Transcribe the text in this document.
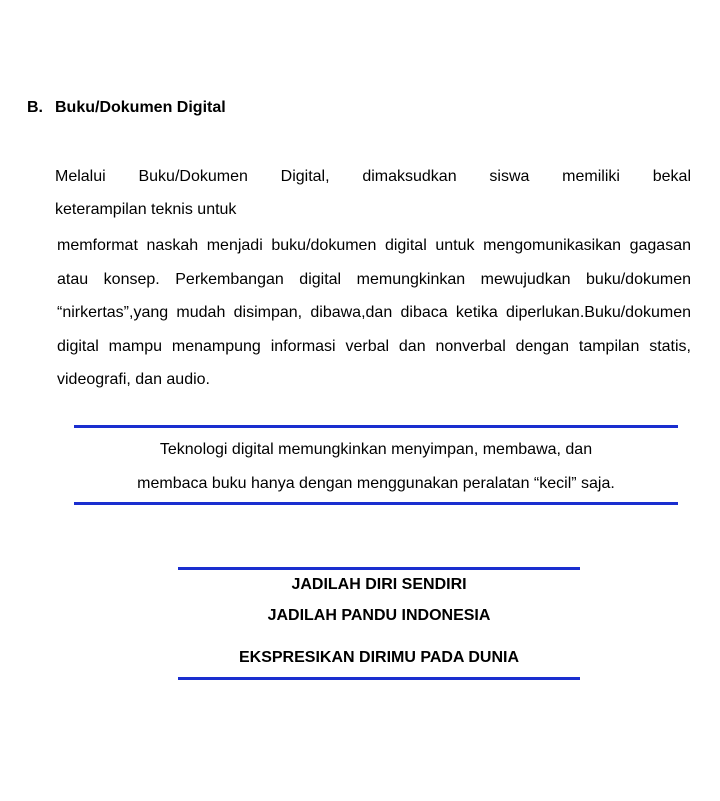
B. Buku/Dokumen Digital
Melalui Buku/Dokumen Digital, dimaksudkan siswa memiliki bekal
keterampilan teknis untuk
memformat naskah menjadi buku/dokumen digital untuk mengomunikasikan gagasan atau konsep. Perkembangan digital memungkinkan mewujudkan buku/dokumen “nirkertas”,yang mudah disimpan, dibawa,dan dibaca ketika diperlukan.Buku/dokumen digital mampu menampung informasi verbal dan nonverbal dengan tampilan statis, videografi, dan audio.
Teknologi digital memungkinkan menyimpan, membawa, dan
membaca buku hanya dengan menggunakan peralatan “kecil” saja.
JADILAH DIRI SENDIRI
JADILAH PANDU INDONESIA
EKSPRESIKAN DIRIMU PADA DUNIA
